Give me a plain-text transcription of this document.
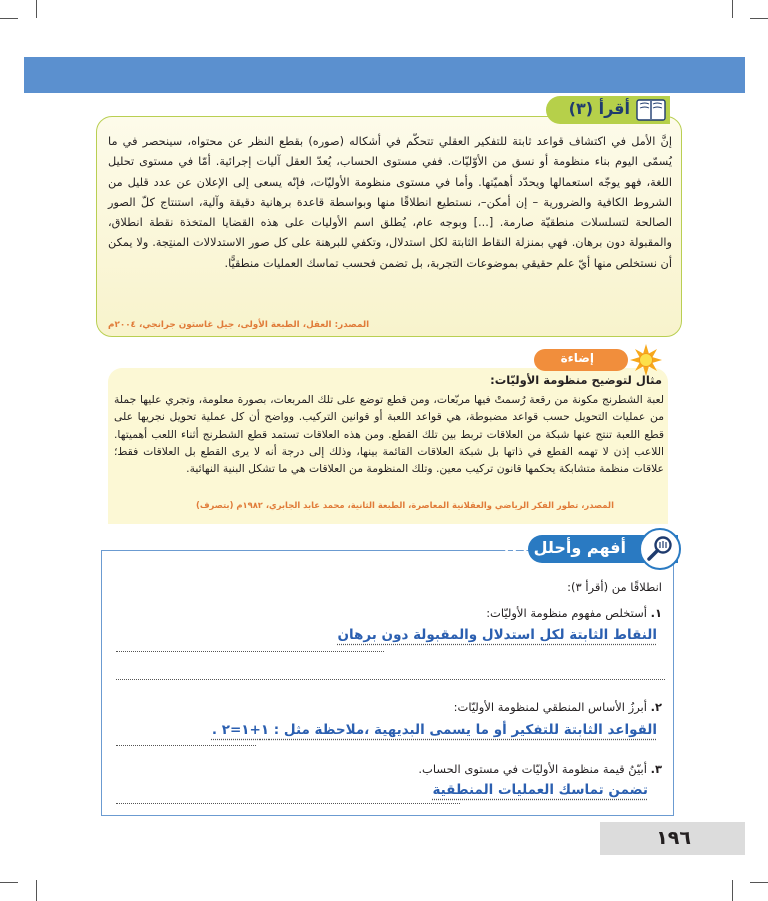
أقرأ (٣)

إنَّ الأمل في اكتشاف قواعد ثابتة للتفكير العقلي تتحكّم في أشكاله (صوره) بقطع النظر عن محتواه، سينحصر في ما يُسمّى اليوم بناء منظومة أو نسق من الأوّليّات. ففي مستوى الحساب، يُعدّ العقل آليات إجرائية. أمّا في مستوى تحليل اللغة، فهو يوجّه استعمالها ويحدّد أهميّتها. وأما في مستوى منظومة الأوليّات، فإنّه يسعى إلى الإعلان عن عدد قليل من الشروط الكافية والضرورية – إن أمكن–، نستطيع انطلاقًا منها وبواسطة قاعدة برهانية دقيقة وآلية، استنتاج كلّ الصور الصالحة لتسلسلات منطقيّة صارمة. [...] وبوجه عام، يُطلق اسم الأوليات على هذه القضايا المتخذة نقطة انطلاق، والمقبولة دون برهان. فهي بمنزلة النقاط الثابتة لكل استدلال، وتكفي للبرهنة على كل صور الاستدلالات المنتِجة. ولا يمكن أن نستخلص منها أيّ علم حقيقي بموضوعات التجربة، بل تضمن فحسب تماسك العمليات منطقيًّا.

المصدر: العقل، الطبعة الأولى، جيل غاستون جرانجي، ٢٠٠٤م

إضاءة

مثال لتوضيح منظومة الأوليّات:

لعبة الشطرنج مكونة من رقعة رُسمتْ فيها مربّعات، ومن قطع توضع على تلك المربعات، بصورة معلومة، وتجري عليها جملة من عمليات التحويل حسب قواعد مضبوطة، هي قواعد اللعبة أو قوانين التركيب. وواضح أن كل عملية تحويل نجريها على قطع اللعبة تنتج عنها شبكة من العلاقات تربط بين تلك القطع. ومن هذه العلاقات تستمد قطع الشطرنج أثناء اللعب أهميتها. اللاعب إذن لا تهمه القطع في ذاتها بل شبكة العلاقات القائمة بينها، وذلك إلى درجة أنه لا يرى القطع بل العلاقات فقط؛ علاقات منظمة متشابكة يحكمها قانون تركيب معين. وتلك المنظومة من العلاقات هي ما تشكل البنية النهائية.

المصدر، تطور الفكر الرياضي والعقلانية المعاصرة، الطبعة الثانية، محمد عابد الجابري، ١٩٨٢م (بتصرف)

أفهم وأحلل (٣)
انطلاقًا من (أقرأ ٣):
١. أستخلص مفهوم منظومة الأوليّات:
النقاط الثابتة لكل استدلال والمقبولة دون برهان
٢. أبرزُ الأساس المنطقي لمنظومة الأوليّات:
القواعد الثابتة للتفكير أو ما يسمى البديهية ،ملاحظة مثل : ١+١=٢ .
٣. أبيّنُ قيمة منظومة الأوليّات في مستوى الحساب.
تضمن تماسك العمليات المنطقية
١٩٦
